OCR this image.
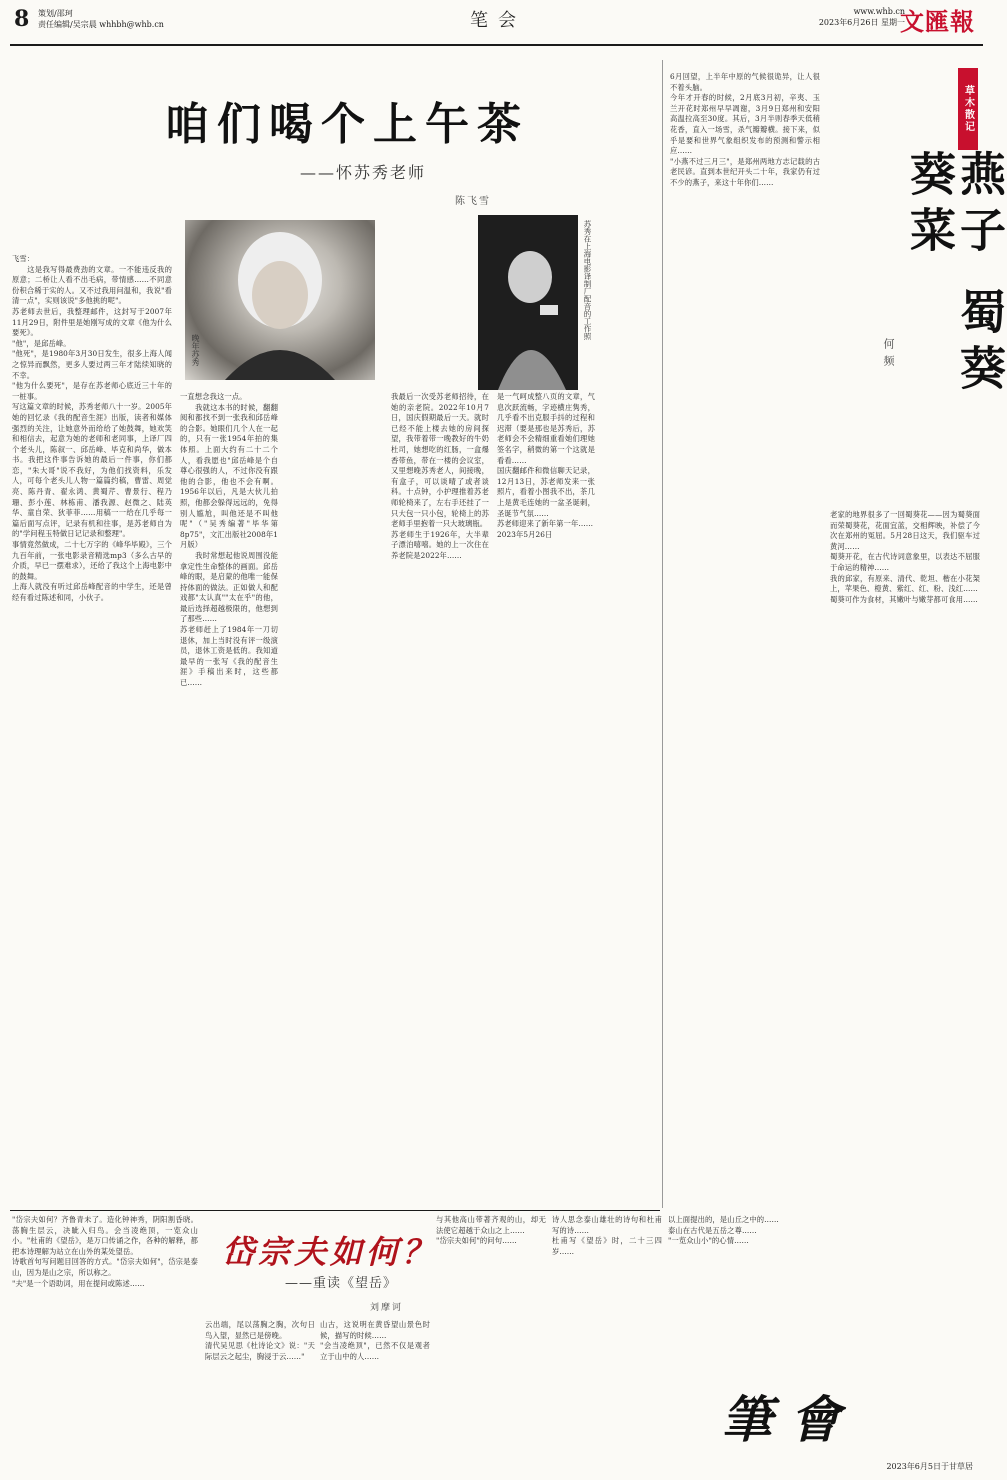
8 策划/邵珂
责任编辑/吴宗晨 whhbh@whb.cn	笔会	www.whb.cn
2023年6月26日 星期一
文匯報
咱们喝个上午茶
——怀苏秀老师
陈飞雪
晚年苏秀
苏秀在上海电影译制厂配音的工作照
飞雪：
　　这是我写得最费劲的文章。一不能违反我的原意；二桥让人看不出毛病，带情感……不同意份积合稀于实的人。又不过我用问温和，我说"看清一点"，实则该说"多他挑的呢"。
苏老师去世后，我整理邮件，这封写于2007年11月29日，附件里是她刚写成的文章《他为什么要死》。
"他"，是邱岳峰。
"他死"，是1980年3月30日发生，很多上海人闻之惊异而飘然，更多人要过两三年才陆续知晓的不幸。
"他为什么要死"，是存在苏老师心底近三十年的一桩事。
写这篇文章的时候，苏秀老师八十一岁。2005年她的回忆录《我的配音生涯》出版，读者和媒体强烈的关注，让她意外而给给了她鼓舞，她欢笑和相信去，起意为她的老师和老同事，上译厂四个老头儿，陈叙一、邱岳峰、毕克和尚华，做本书。我把这件事告诉她的最后一件事，你们都恋，"朱大哥"说不我好，为他们找资料，乐发人，可每个老头儿人物一篇篇约稿，曹雷、周觉亮、陈丹青、翟永鸿、黄蜀芹、曹景行、程乃珊、彭小莲、林栋甫、潘我源、赵微之、陆英华、童自荣、狄菲菲……用稿一一给在几乎每一篇后面写点评，记录有机和往事，是苏老师自为的"学问程玉特做日记记录和整理"。
事情竟然做成，二十七万字的《峰华毕殿》，三个九百年前，一张电影录音精选mp3（多么古早的介质，早已一摆难求），还给了我这个上海电影中的鼓舞。
上海人就没有听过邱岳峰配音的中学生，还是曾经有看过陈述和同，小伙子。
一直想念我这一点。
　　我就这本书的时候，翻翻阅和都找不到一张我和邱岳峰的合影。她眼们几个人在一起的，只有一张1954年拍的集体照。上面大约有二十二个人，看我愿也"邱岳峰是个自尊心很强的人，不过你没有跟他的合影，他也不会有啊。1956年以后，凡是大伙儿拍照，他都会躲得远远的，免得别人尴尬，叫他还是不叫他呢"（"吴秀编著"毕华第8p75"，文汇出版社2008年1月版）
　　我时常想起他说周围没能拿定性生命整体的画面。邱岳峰的眼，是启蒙的他唯一能保持体面的做法。正如做人和配戏都"太认真""太在乎"的他，最后选择超越极限的，他想到了那些……
苏老师赶上了1984年一刀切退休，加上当时没有评一级演员，退休工资是低的。我知道最早的一张写《我的配音生涯》手稿出来时，这些都已……
我最后一次受苏老师招待，在她的亲老院。2022年10月7日，国庆假期最后一天。就时已经不能上楼去她的房间探望，我带着带一晚教好的牛奶杜司，她想吃的红肠，一盒爆香带鱼，带在一楼的会议室，又里想晚苏秀老人，间接晚，有盒子，可以谈晴了或者谈科。十点钟，小护理推着苏老师轮椅来了，左右手还挂了一只大包一只小包，轮椅上的苏老师手里抱着一只大玻璃瓶。
苏老师生于1926年，大半辈子漂泊嘻嘻。她的上一次住在养老院是2022年……
是一气呵成整八页的文章，气息次跃流畅，字迹横庄隽秀，几乎看不出克服手抖的过程和迟滞（要是那也是苏秀后，苏老师会不会精细重看她们理她签名字，稍微的第一个这就是看看……
国庆翻邮件和微信聊天记录，12月13日，苏老师发来一张照片，看着小图我不出，茶几上是黄毛连她的一盆圣诞刺，圣诞节气氛……
苏老师迎来了新年第一年……
2023年5月26日
6月回望，上半年中原的气候很诡异，让人很不着头脑。
今年才开春的时候，2月底3月初，辛夷、玉兰开花时郑州早早凋谢，3月9日郑州和安阳高温拉高至30度。其后，3月半则春季天低稍花香，直入一场雪，杀气瓣瓣横。接下来，似乎是要和世界气象组织发布的预测和警示相应……
"小燕不过三月三"，是郑州两地方志记载的古老民谚。直到本世纪开头二十年，我家仍有过不少的燕子，来这十年你们……
草木散记
燕子 蜀葵 葵菜
何频
老家的地界很多了一回蜀葵花——因为蜀葵面而荣蜀葵花，花面宜蓝，交相辉映，补偿了今次在郑州的冤屈。5月28日这天，我们驱车过黄河……
蜀葵开花，在古代诗词意象里，以表达不屈服于命运的精神……
我的邱家，有原来、清代、乾坦、楷在小花架上，苹果色、橙黄、紫红、红、粉、浅红……
蜀葵可作为食材，其嫩叶与嫩芽都可食用……
"岱宗夫如何？齐鲁青未了。造化钟神秀，阴阳割昏晓。荡胸生层云，决眦入归鸟。会当凌绝顶，一览众山小。"杜甫的《望岳》，是万口传诵之作，各种的解释，都把本诗理解为站立在山外的某处望岳。
诗歌首句写问题目回答的方式。"岱宗夫如何"，岱宗是泰山，因为是山之宗，所以称之。
"夫"是一个语助词，用在提问或陈述……
岱宗夫如何？
——重读《望岳》
刘摩诃
云出端，尾以荡胸之胸，次句日鸟入望，显然已是傍晚。
清代吴见思《杜诗论文》说："天际层云之起尘，胸浸于云……"
山古，这说明在黄昏望山景色时候，描写的时候……
"会当凌绝顶"，已然不仅是观者立于山中的人……
与其他高山带著齐观的山，却无法使它超越于众山之上……
"岱宗夫如何"的问句……
诗人思念泰山雄壮的诗句和杜甫写的诗……
杜甫写《望岳》时，二十三四岁……
以上面提出的，是山丘之中的……
泰山在古代是五岳之尊……
"一览众山小"的心情……
筆會
2023年6月5日于甘草居
